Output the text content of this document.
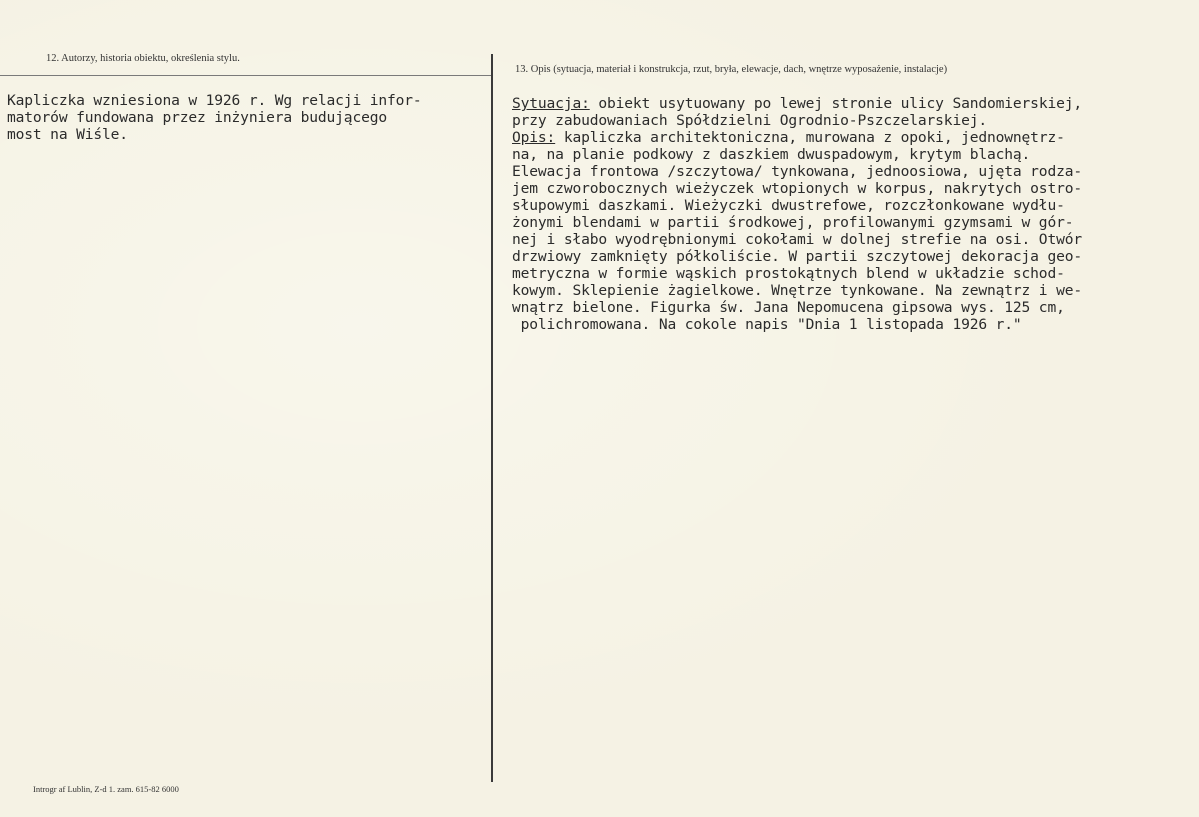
12. Autorzy, historia obiektu, określenia stylu.
Kapliczka wzniesiona w 1926 r. Wg relacji infor-
matorów fundowana przez inżyniera budującego
most na Wiśle.
13. Opis (sytuacja, materiał i konstrukcja, rzut, bryła, elewacje, dach, wnętrze wyposażenie, instalacje)
Sytuacja: obiekt usytuowany po lewej stronie ulicy Sandomierskiej,
przy zabudowaniach Spółdzielni Ogrodnio-Pszczelarskiej.
Opis: kapliczka architektoniczna, murowana z opoki, jednownętrz-
na, na planie podkowy z daszkiem dwuspadowym, krytym blachą.
Elewacja frontowa /szczytowa/ tynkowana, jednoosiowa, ujęta rodza-
jem czworobocznych wieżyczek wtopionych w korpus, nakrytych ostro-
słupowymi daszkami. Wieżyczki dwustrefowe, rozczłonkowane wydłu-
żonymi blendami w partii środkowej, profilowanymi gzymsami w gór-
nej i słabo wyodrębnionymi cokołami w dolnej strefie na osi. Otwór
drzwiowy zamknięty półkoliście. W partii szczytowej dekoracja geo-
metryczna w formie wąskich prostokątnych blend w układzie schod-
kowym. Sklepienie żagielkowe. Wnętrze tynkowane. Na zewnątrz i we-
wnątrz bielone. Figurka św. Jana Nepomucena gipsowa wys. 125 cm,
polichromowana. Na cokole napis "Dnia 1 listopada 1926 r."
Introgr af Lublin, Z-d 1. zam. 615-82 6000
